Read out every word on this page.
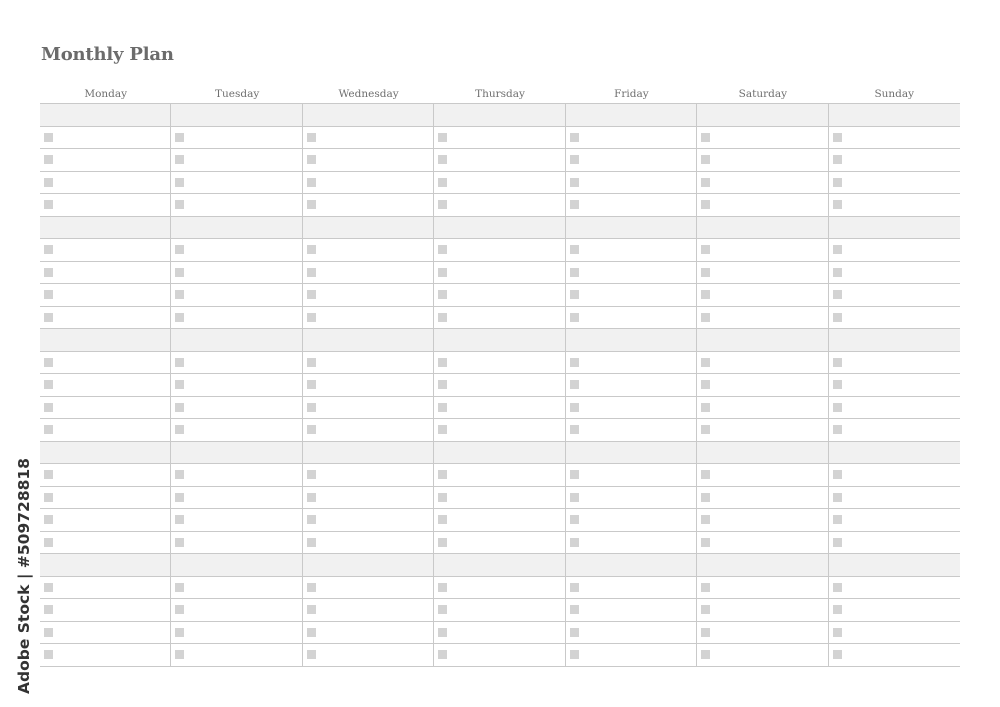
Monthly Plan
Monday	Tuesday	Wednesday	Thursday	Friday	Saturday	Sunday
Adobe Stock | #509728818
